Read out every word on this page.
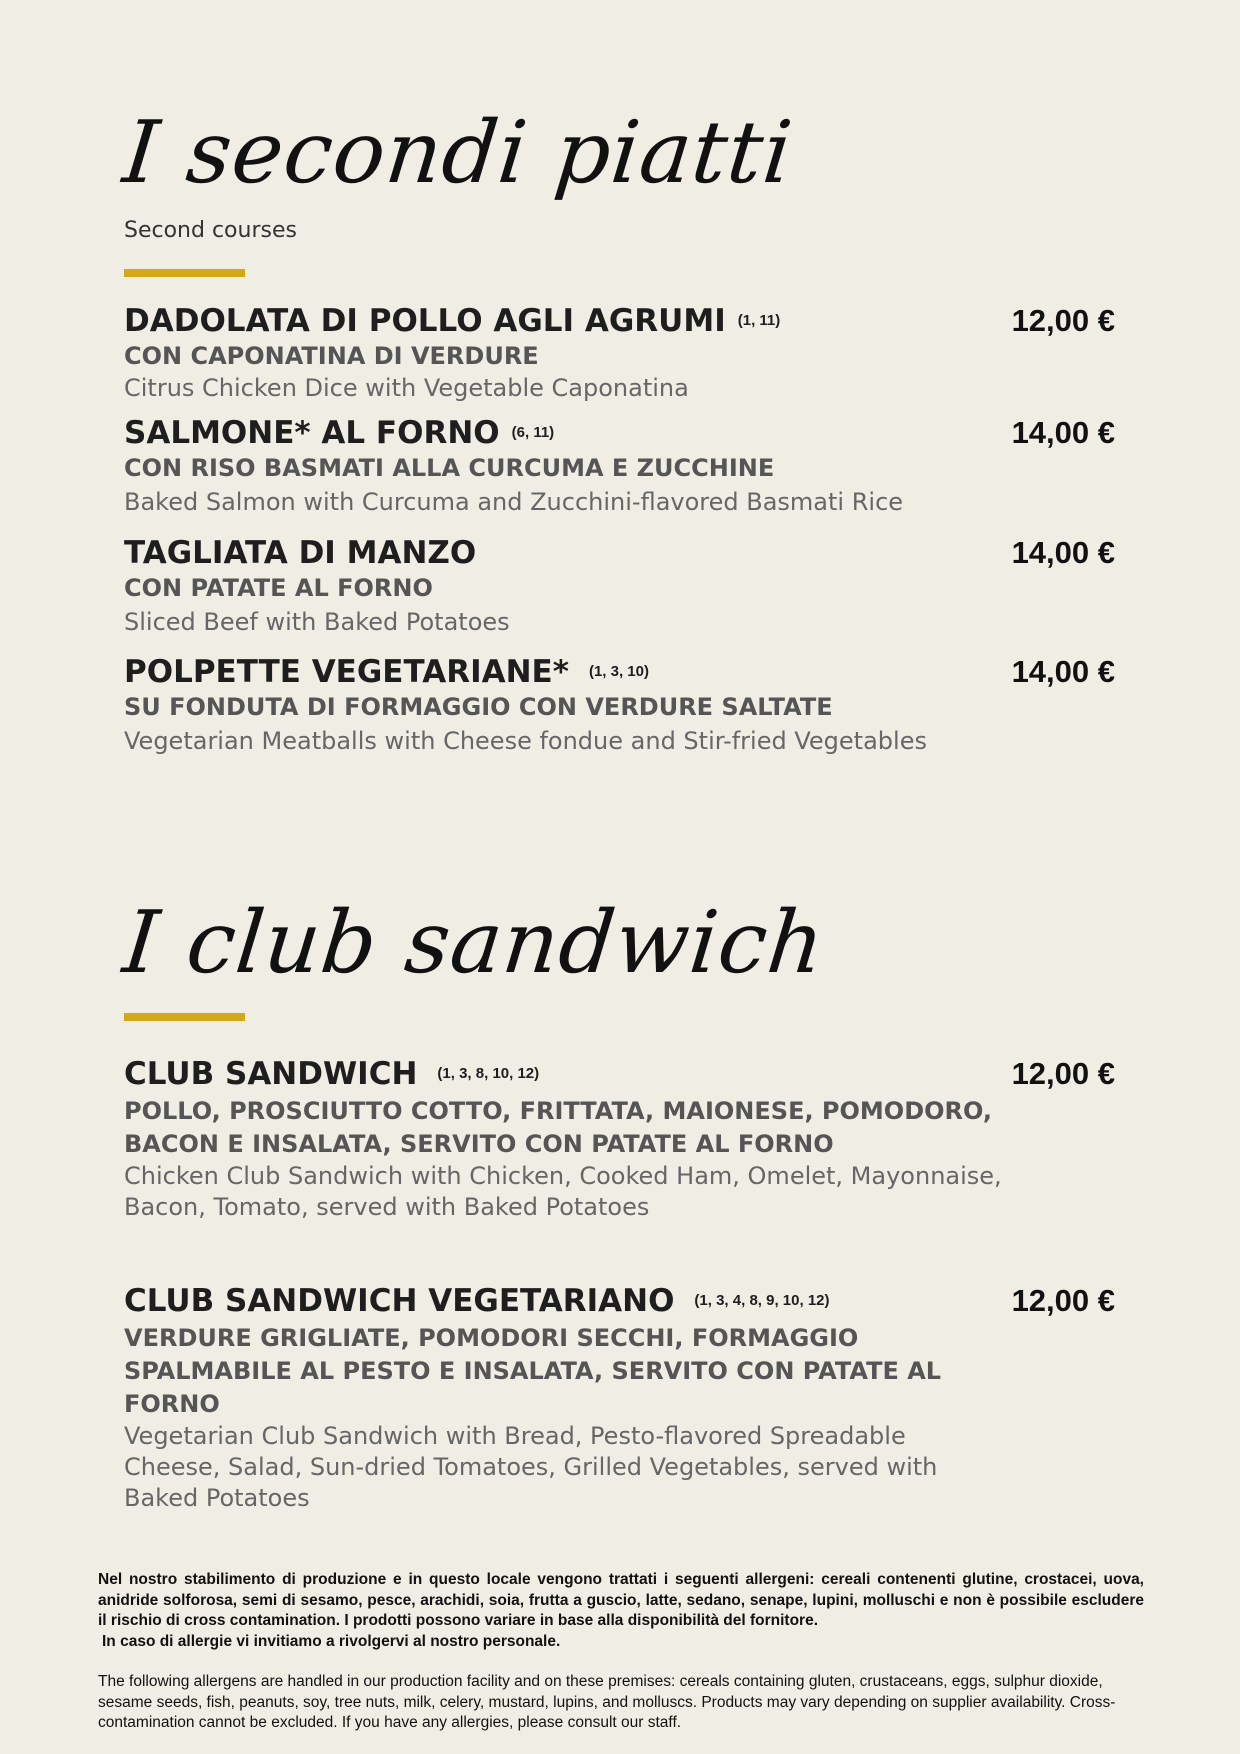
I secondi piatti
Second courses
DADOLATA DI POLLO AGLI AGRUMI (1, 11)	12,00 €
CON CAPONATINA DI VERDURE
Citrus Chicken Dice with Vegetable Caponatina
SALMONE* AL FORNO (6, 11)	14,00 €
CON RISO BASMATI ALLA CURCUMA E ZUCCHINE
Baked Salmon with Curcuma and Zucchini-flavored Basmati Rice
TAGLIATA DI MANZO	14,00 €
CON PATATE AL FORNO
Sliced Beef with Baked Potatoes
POLPETTE VEGETARIANE* (1, 3, 10)	14,00 €
SU FONDUTA DI FORMAGGIO CON VERDURE SALTATE
Vegetarian Meatballs with Cheese fondue and Stir-fried Vegetables
I club sandwich
CLUB SANDWICH (1, 3, 8, 10, 12)	12,00 €
POLLO, PROSCIUTTO COTTO, FRITTATA, MAIONESE, POMODORO, BACON E INSALATA, SERVITO CON PATATE AL FORNO
Chicken Club Sandwich with Chicken, Cooked Ham, Omelet, Mayonnaise, Bacon, Tomato, served with Baked Potatoes
CLUB SANDWICH VEGETARIANO (1, 3, 4, 8, 9, 10, 12)	12,00 €
VERDURE GRIGLIATE, POMODORI SECCHI, FORMAGGIO SPALMABILE AL PESTO E INSALATA, SERVITO CON PATATE AL FORNO
Vegetarian Club Sandwich with Bread, Pesto-flavored Spreadable Cheese, Salad, Sun-dried Tomatoes, Grilled Vegetables, served with Baked Potatoes
Nel nostro stabilimento di produzione e in questo locale vengono trattati i seguenti allergeni: cereali contenenti glutine, crostacei, uova, anidride solforosa, semi di sesamo, pesce, arachidi, soia, frutta a guscio, latte, sedano, senape, lupini, molluschi e non è possibile escludere il rischio di cross contamination. I prodotti possono variare in base alla disponibilità del fornitore.
In caso di allergie vi invitiamo a rivolgervi al nostro personale.
The following allergens are handled in our production facility and on these premises: cereals containing gluten, crustaceans, eggs, sulphur dioxide, sesame seeds, fish, peanuts, soy, tree nuts, milk, celery, mustard, lupins, and molluscs. Products may vary depending on supplier availability. Cross-contamination cannot be excluded. If you have any allergies, please consult our staff.
